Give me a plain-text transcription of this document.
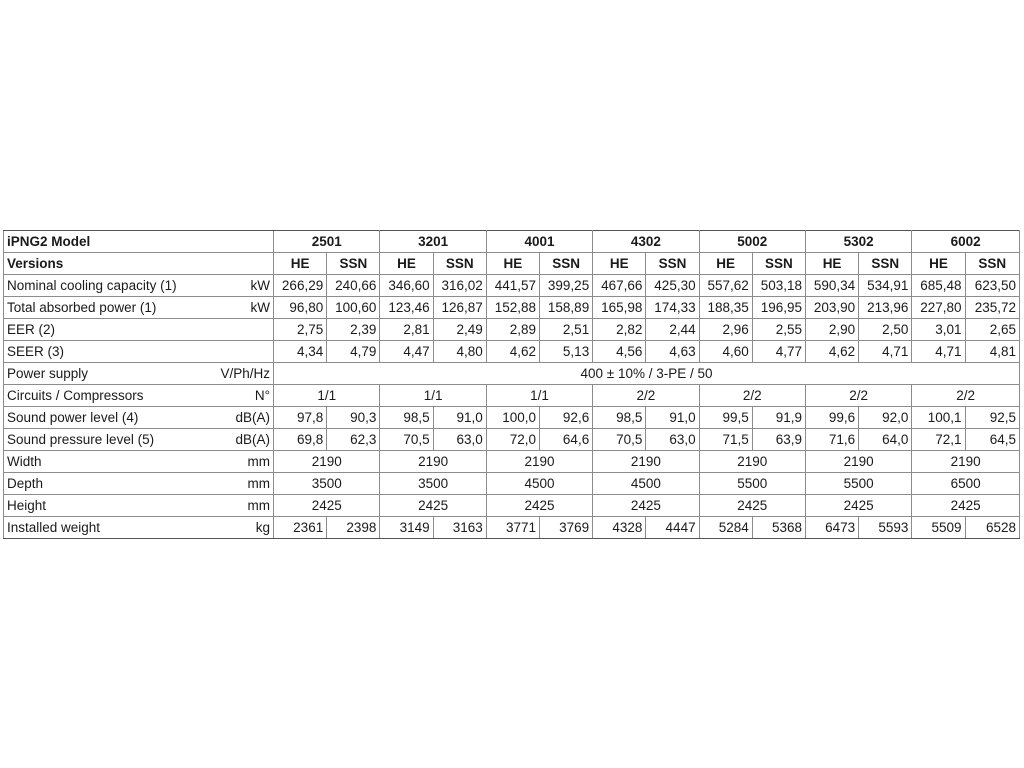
iPNG2 Model		2501		3201		4001		4302		5002		5302		6002	
Versions		HE	SSN	HE	SSN	HE	SSN	HE	SSN	HE	SSN	HE	SSN	HE	SSN
Nominal cooling capacity (1)	kW	266,29	240,66	346,60	316,02	441,57	399,25	467,66	425,30	557,62	503,18	590,34	534,91	685,48	623,50
Total absorbed power (1)	kW	96,80	100,60	123,46	126,87	152,88	158,89	165,98	174,33	188,35	196,95	203,90	213,96	227,80	235,72
EER (2)		2,75	2,39	2,81	2,49	2,89	2,51	2,82	2,44	2,96	2,55	2,90	2,50	3,01	2,65
SEER (3)		4,34	4,79	4,47	4,80	4,62	5,13	4,56	4,63	4,60	4,77	4,62	4,71	4,71	4,81
Power supply	V/Ph/Hz	400 ± 10% / 3-PE / 50													
Circuits / Compressors	N°	1/1		1/1		1/1		2/2		2/2		2/2		2/2	
Sound power level (4)	dB(A)	97,8	90,3	98,5	91,0	100,0	92,6	98,5	91,0	99,5	91,9	99,6	92,0	100,1	92,5
Sound pressure level (5)	dB(A)	69,8	62,3	70,5	63,0	72,0	64,6	70,5	63,0	71,5	63,9	71,6	64,0	72,1	64,5
Width	mm	2190		2190		2190		2190		2190		2190		2190	
Depth	mm	3500		3500		4500		4500		5500		5500		6500	
Height	mm	2425		2425		2425		2425		2425		2425		2425	
Installed weight	kg	2361	2398	3149	3163	3771	3769	4328	4447	5284	5368	6473	5593	5509	6528
